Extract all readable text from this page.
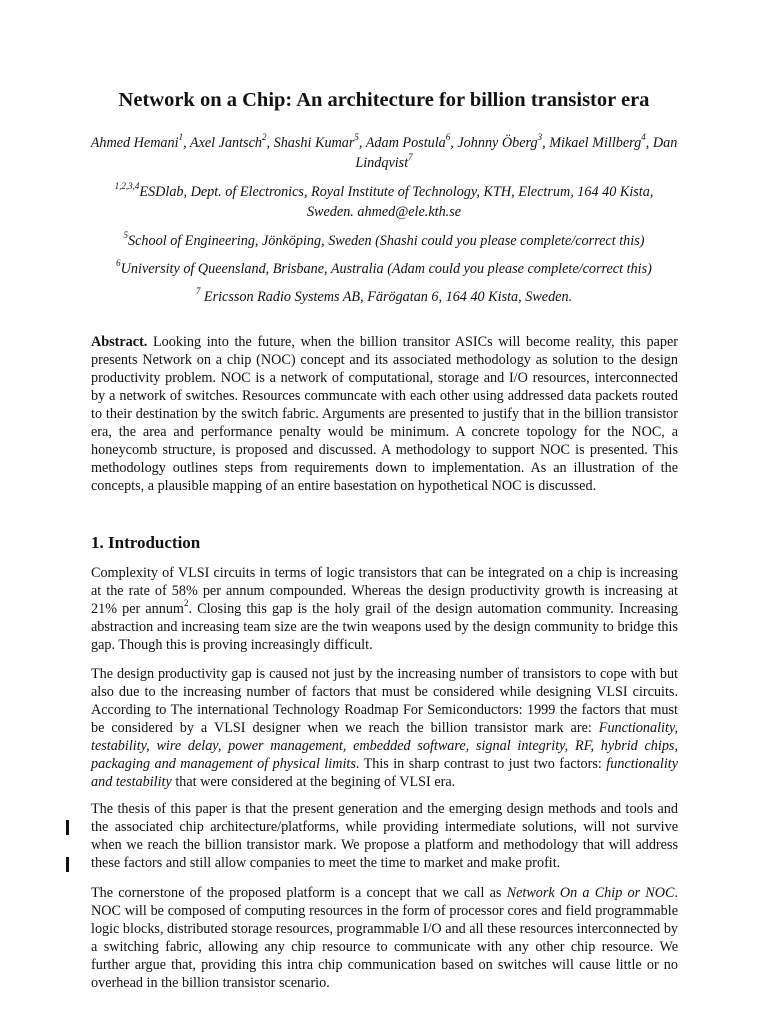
Network on a Chip: An architecture for billion transistor era
Ahmed Hemani$^1$, Axel Jantsch$^2$, Shashi Kumar$^5$, Adam Postula$^6$, Johnny Öberg$^3$, Mikael Millberg$^4$, Dan Lindqvist$^7$
$^{1,2,3,4}$ESDlab, Dept. of Electronics, Royal Institute of Technology, KTH, Electrum, 164 40 Kista, Sweden. ahmed@ele.kth.se
$^5$School of Engineering, Jönköping, Sweden (Shashi could you please complete/correct this)
$^6$University of Queensland, Brisbane, Australia (Adam could you please complete/correct this)
$^7$ Ericsson Radio Systems AB, Färögatan 6, 164 40 Kista, Sweden.
Abstract. Looking into the future, when the billion transitor ASICs will become reality, this paper presents Network on a chip (NOC) concept and its associated methodology as solution to the design productivity problem. NOC is a network of computational, storage and I/O resources, interconnected by a network of switches. Resources communcate with each other using addressed data packets routed to their destination by the switch fabric. Arguments are presented to justify that in the billion transistor era, the area and performance penalty would be minimum. A concrete topology for the NOC, a honeycomb structure, is proposed and discussed. A methodology to support NOC is presented. This methodology outlines steps from requirements down to implementation. As an illustration of the concepts, a plausible mapping of an entire basestation on hypothetical NOC is discussed.
1. Introduction
Complexity of VLSI circuits in terms of logic transistors that can be integrated on a chip is increasing at the rate of 58% per annum compounded. Whereas the design productivity growth is increasing at 21% per annum$^2$. Closing this gap is the holy grail of the design automation community. Increasing abstraction and increasing team size are the twin weapons used by the design community to bridge this gap. Though this is proving increasingly difficult.
The design productivity gap is caused not just by the increasing number of transistors to cope with but also due to the increasing number of factors that must be considered while designing VLSI circuits. According to The international Technology Roadmap For Semiconductors: 1999 the factors that must be considered by a VLSI designer when we reach the billion transistor mark are: Functionality, testability, wire delay, power management, embedded software, signal integrity, RF, hybrid chips, packaging and management of physical limits. This in sharp contrast to just two factors: functionality and testability that were considered at the begining of VLSI era.
The thesis of this paper is that the present generation and the emerging design methods and tools and the associated chip architecture/platforms, while providing intermediate solutions, will not survive when we reach the billion transistor mark. We propose a platform and methodology that will address these factors and still allow companies to meet the time to market and make profit.
The cornerstone of the proposed platform is a concept that we call as Network On a Chip or NOC. NOC will be composed of computing resources in the form of processor cores and field programmable logic blocks, distributed storage resources, programmable I/O and all these resources interconnected by a switching fabric, allowing any chip resource to communicate with any other chip resource. We further argue that, providing this intra chip communication based on switches will cause little or no overhead in the billion transistor scenario.
